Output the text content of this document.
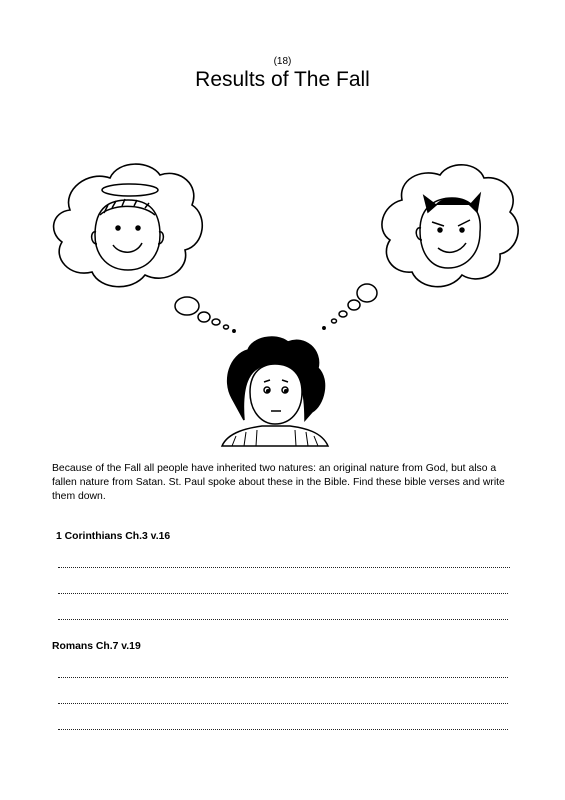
(18)
Results of The Fall

Because of the Fall all people have inherited two natures: an original nature from God, but also a fallen nature from Satan. St. Paul spoke about these in the Bible. Find these bible verses and write them down.

1 Corinthians Ch.3 v.16
Romans Ch.7 v.19
